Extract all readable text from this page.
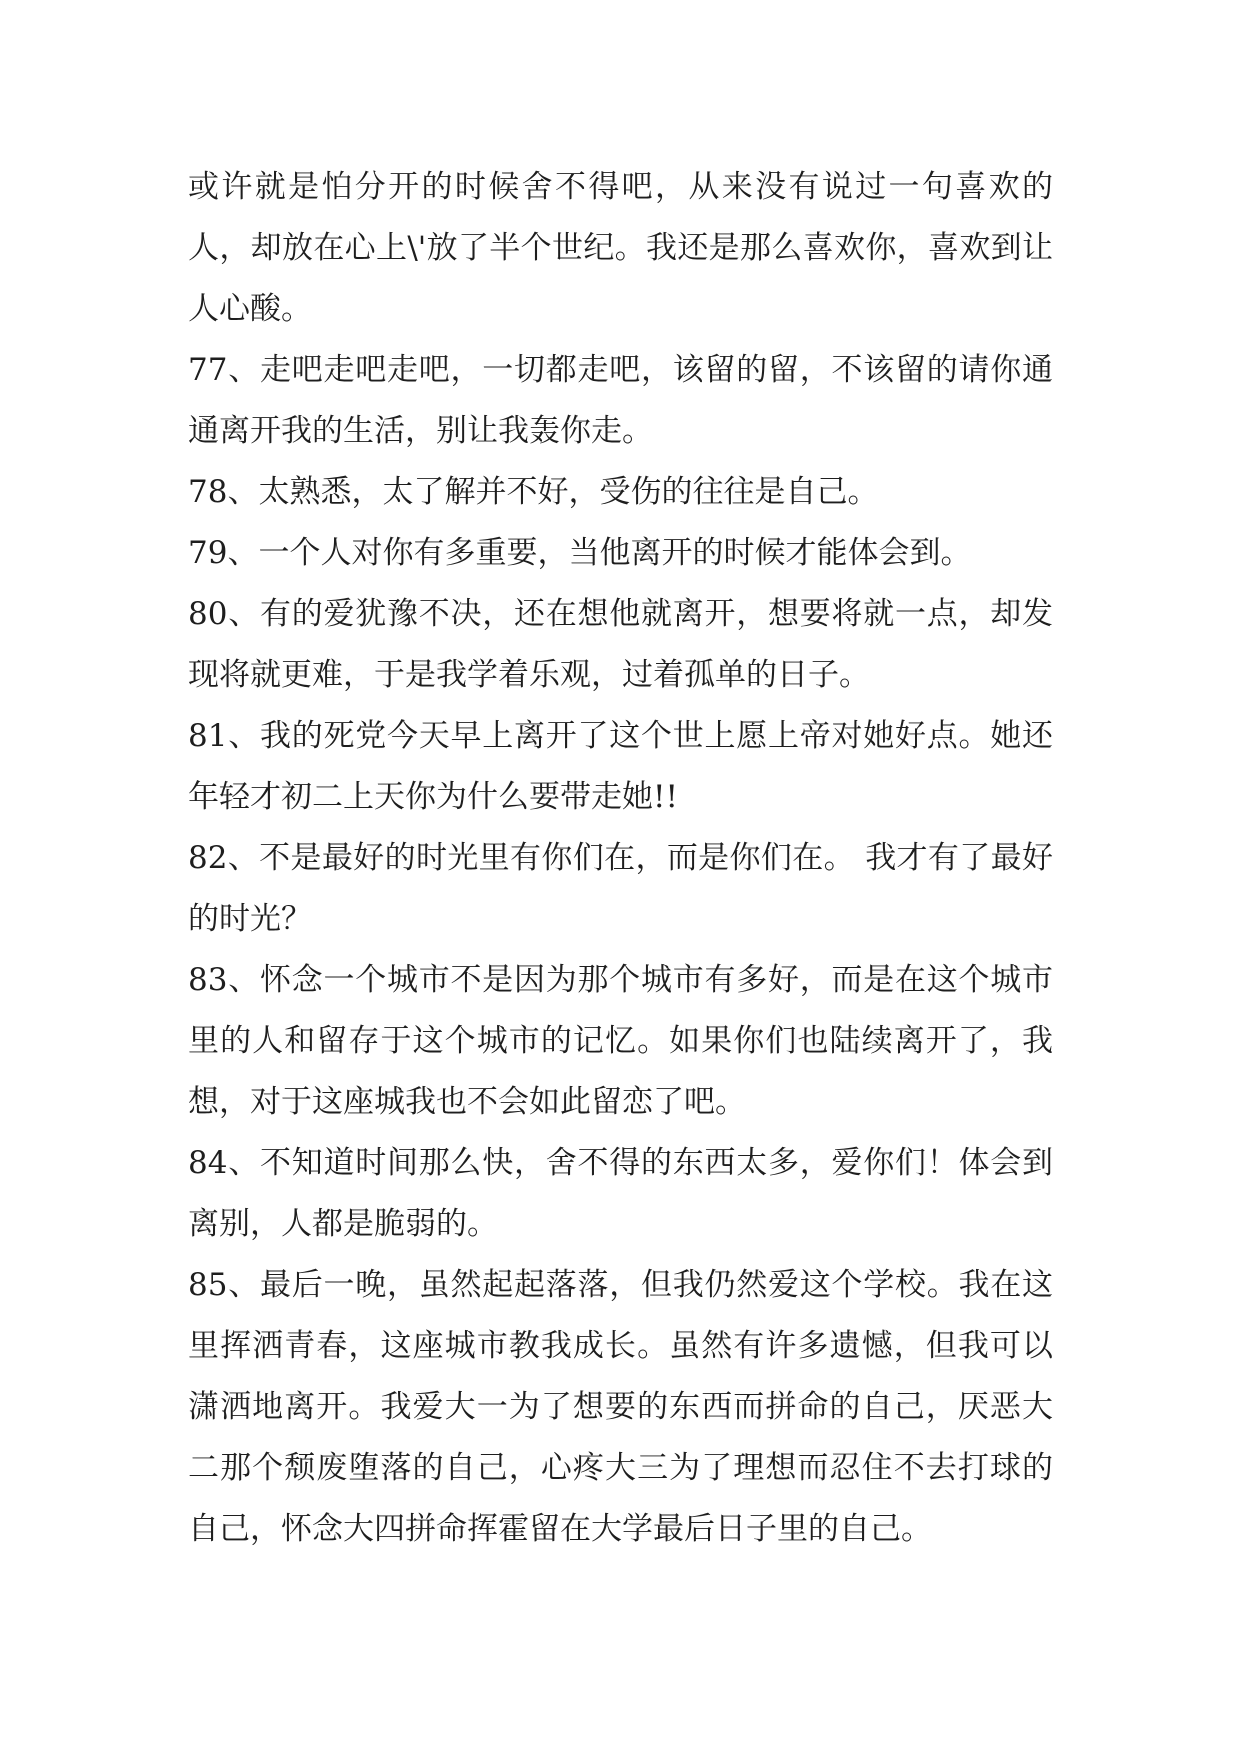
或许就是怕分开的时候舍不得吧，从来没有说过一句喜欢的人，却放在心上\'放了半个世纪。我还是那么喜欢你，喜欢到让人心酸。

77、走吧走吧走吧，一切都走吧，该留的留，不该留的请你通通离开我的生活，别让我轰你走。

78、太熟悉，太了解并不好，受伤的往往是自己。

79、一个人对你有多重要，当他离开的时候才能体会到。

80、有的爱犹豫不决，还在想他就离开，想要将就一点，却发现将就更难，于是我学着乐观，过着孤单的日子。

81、我的死党今天早上离开了这个世上愿上帝对她好点。她还年轻才初二上天你为什么要带走她!!

82、不是最好的时光里有你们在，而是你们在。 我才有了最好的时光？

83、怀念一个城市不是因为那个城市有多好，而是在这个城市里的人和留存于这个城市的记忆。如果你们也陆续离开了，我想，对于这座城我也不会如此留恋了吧。

84、不知道时间那么快，舍不得的东西太多，爱你们！体会到离别，人都是脆弱的。

85、最后一晚，虽然起起落落，但我仍然爱这个学校。我在这里挥洒青春，这座城市教我成长。虽然有许多遗憾，但我可以潇洒地离开。我爱大一为了想要的东西而拼命的自己，厌恶大二那个颓废堕落的自己，心疼大三为了理想而忍住不去打球的自己，怀念大四拼命挥霍留在大学最后日子里的自己。
